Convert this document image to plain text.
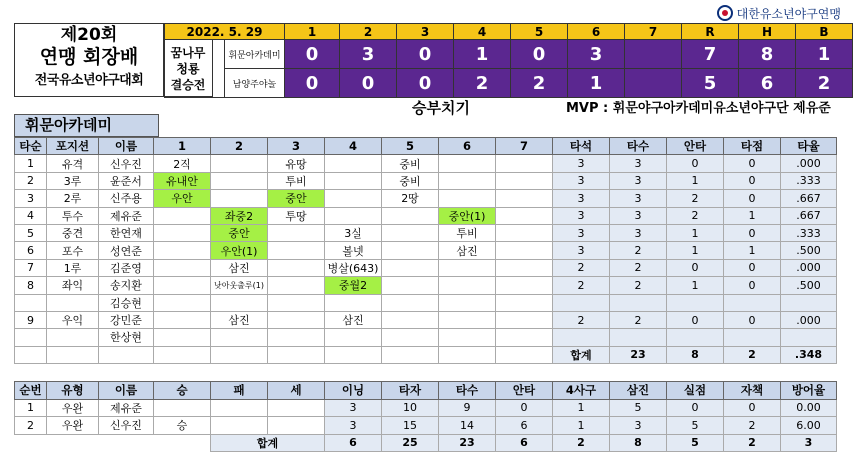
대한유소년야구연맹
제20회
연맹 회장배
전국유소년야구대회
2022. 5. 29		1	2	3	4	5	6	7	R	H	B
	휘문아카데미	0	3	0	1	0	3		7	8	1
	남양주야놀	0	0	0	2	2	1		5	6	2
꿈나무
청룡
결승전
승부치기	MVP : 휘문야구아카데미유소년야구단 제유준
휘문아카데미
타순	포지션	이름	1	2	3	4	5	6	7	타석	타수	안타	타점	타율
1	유격	신우진	2직		유땅		중비			3	3	0	0	.000
2	3루	윤준서	유내안		투비		중비			3	3	1	0	.333
3	2루	신주용	우안		중안		2땅			3	3	2	0	.667
4	투수	제유준		좌중2	투땅			중안(1)		3	3	2	1	.667
5	중견	한연재		중안		3실		투비		3	3	1	0	.333
6	포수	성연준		우안(1)		볼넷		삼진		3	2	1	1	.500
7	1루	김준영		삼진		병살(643)				2	2	0	0	.000
8	좌익	송지환		낫아웃출루(1)		중월2				2	2	1	0	.500
		김승현												
9	우익	강민준		삼진		삼진				2	2	0	0	.000
		한상현												
										합계	23	8	2	.348
순번	유형	이름	승	패	세	이닝	타자	타수	안타	4사구	삼진	실점	자책	방어율
1	우완	제유준				3	10	9	0	1	5	0	0	0.00
2	우완	신우진	승			3	15	14	6	1	3	5	2	6.00
				합계		6	25	23	6	2	8	5	2	3
